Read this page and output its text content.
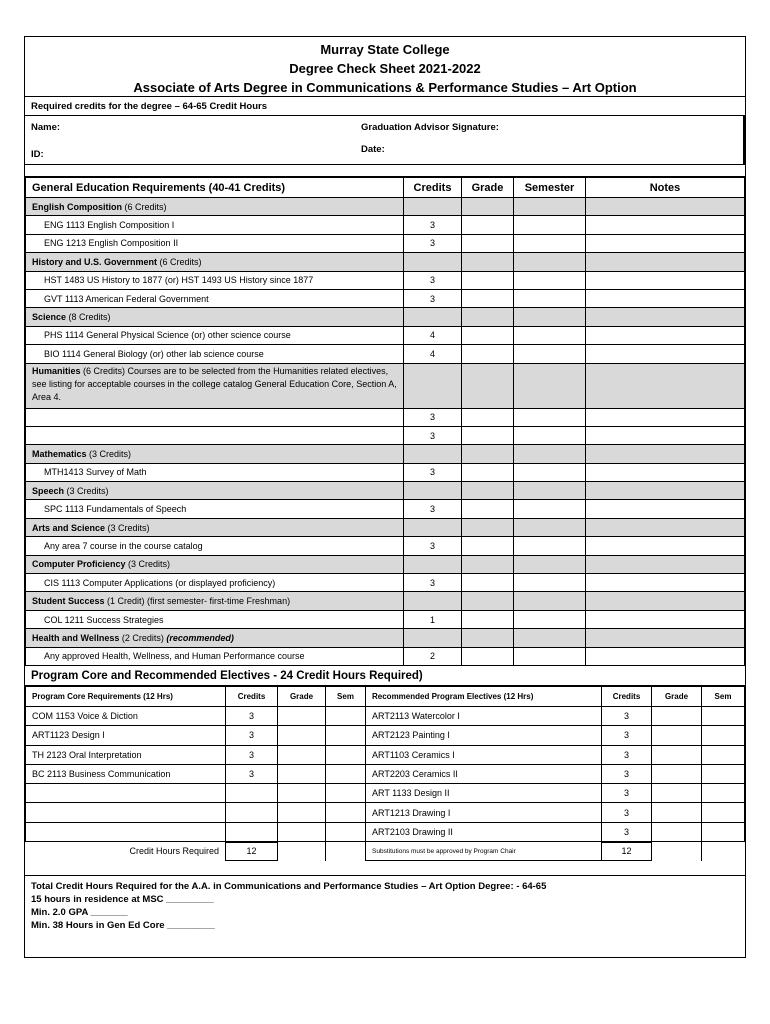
Murray State College
Degree Check Sheet 2021-2022
Associate of Arts Degree in Communications & Performance Studies – Art Option
Required credits for the degree – 64-65 Credit Hours
Name:
ID:
Graduation Advisor Signature:
Date:
General Education Requirements (40-41 Credits)	Credits	Grade	Semester	Notes
English Composition (6 Credits)				
ENG 1113 English Composition I	3			
ENG 1213 English Composition II	3			
History and U.S. Government (6 Credits)				
HST 1483 US History to 1877 (or) HST 1493 US History since 1877	3			
GVT 1113 American Federal Government	3			
Science (8 Credits)				
PHS 1114 General Physical Science (or) other science course	4			
BIO 1114 General Biology (or) other lab science course	4			
Humanities (6 Credits) Courses are to be selected from the Humanities related electives, see listing for acceptable courses in the college catalog General Education Core, Section A, Area 4.				
	3			
	3			
Mathematics (3 Credits)				
MTH1413 Survey of Math	3			
Speech (3 Credits)				
SPC 1113 Fundamentals of Speech	3			
Arts and Science (3 Credits)				
Any area 7 course in the course catalog	3			
Computer Proficiency (3 Credits)				
CIS 1113 Computer Applications (or displayed proficiency)	3			
Student Success (1 Credit) (first semester- first-time Freshman)				
COL 1211 Success Strategies	1			
Health and Wellness (2 Credits) (recommended)				
Any approved Health, Wellness, and Human Performance course	2			
Program Core and Recommended Electives - 24 Credit Hours Required)
Program Core Requirements (12 Hrs)	Credits	Grade	Sem	Recommended Program Electives (12 Hrs)	Credits	Grade	Sem
COM 1153 Voice & Diction	3			ART2113 Watercolor I	3		
ART1123 Design I	3			ART2123 Painting I	3		
TH 2123 Oral Interpretation	3			ART1103 Ceramics I	3		
BC 2113 Business Communication	3			ART2203 Ceramics II	3		
				ART 1133 Design II	3		
				ART1213 Drawing I	3		
				ART2103 Drawing II	3		
Credit Hours Required	12			Substitutions must be approved by Program Chair	12		
Total Credit Hours Required for the A.A. in Communications and Performance Studies – Art Option Degree: - 64-65
15 hours in residence at MSC _________
Min. 2.0 GPA _______
Min. 38 Hours in Gen Ed Core _________
